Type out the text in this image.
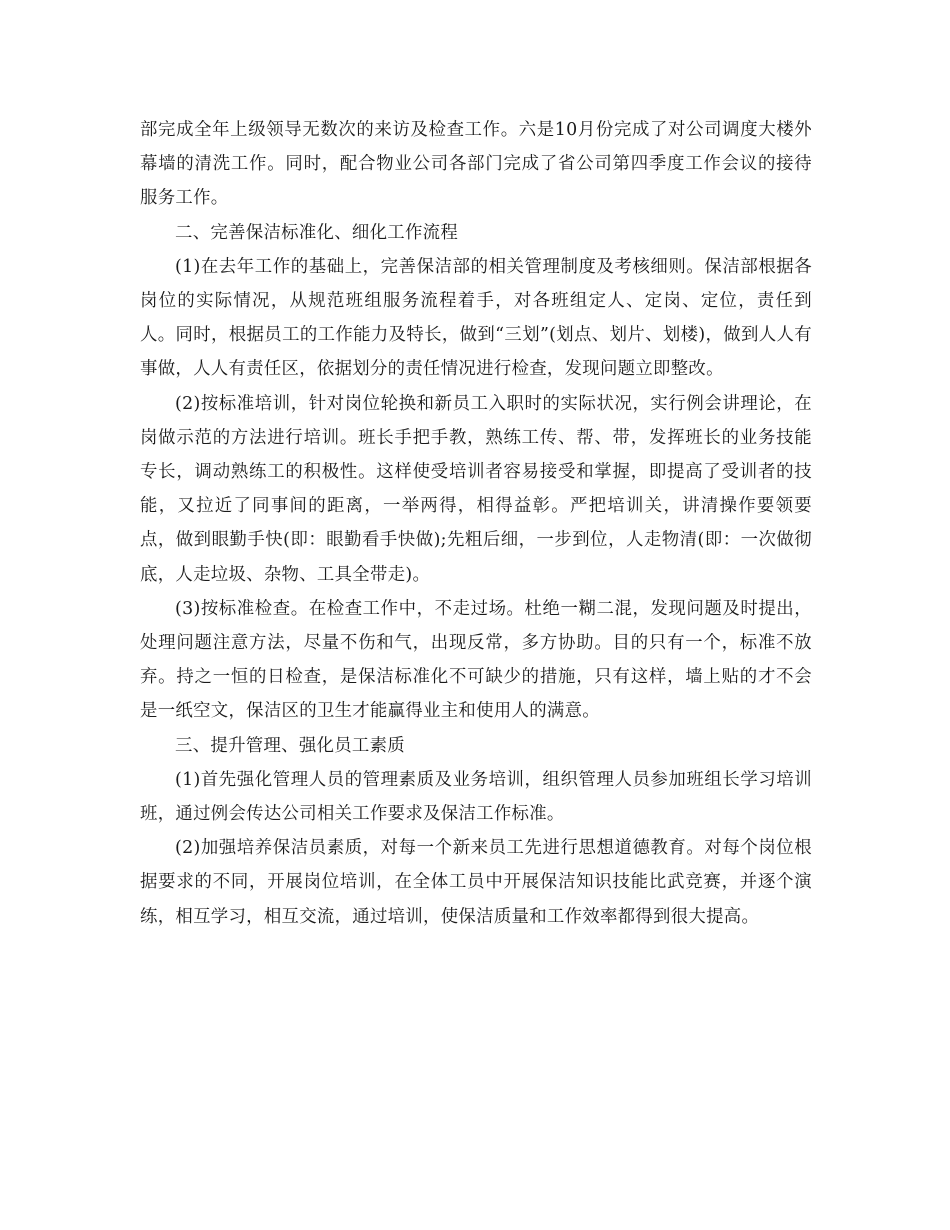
部完成全年上级领导无数次的来访及检查工作。六是10月份完成了对公司调度大楼外幕墙的清洗工作。同时，配合物业公司各部门完成了省公司第四季度工作会议的接待服务工作。

二、完善保洁标准化、细化工作流程

(1)在去年工作的基础上，完善保洁部的相关管理制度及考核细则。保洁部根据各岗位的实际情况，从规范班组服务流程着手，对各班组定人、定岗、定位，责任到人。同时，根据员工的工作能力及特长，做到“三划”(划点、划片、划楼)，做到人人有事做，人人有责任区，依据划分的责任情况进行检查，发现问题立即整改。

(2)按标准培训，针对岗位轮换和新员工入职时的实际状况，实行例会讲理论，在岗做示范的方法进行培训。班长手把手教，熟练工传、帮、带，发挥班长的业务技能专长，调动熟练工的积极性。这样使受培训者容易接受和掌握，即提高了受训者的技能，又拉近了同事间的距离，一举两得，相得益彰。严把培训关，讲清操作要领要点，做到眼勤手快(即：眼勤看手快做);先粗后细，一步到位，人走物清(即：一次做彻底，人走垃圾、杂物、工具全带走)。

(3)按标准检查。在检查工作中，不走过场。杜绝一糊二混，发现问题及时提出，处理问题注意方法，尽量不伤和气，出现反常，多方协助。目的只有一个，标准不放弃。持之一恒的日检查，是保洁标准化不可缺少的措施，只有这样，墙上贴的才不会是一纸空文，保洁区的卫生才能赢得业主和使用人的满意。

三、提升管理、强化员工素质

(1)首先强化管理人员的管理素质及业务培训，组织管理人员参加班组长学习培训班，通过例会传达公司相关工作要求及保洁工作标准。

(2)加强培养保洁员素质，对每一个新来员工先进行思想道德教育。对每个岗位根据要求的不同，开展岗位培训，在全体工员中开展保洁知识技能比武竞赛，并逐个演练，相互学习，相互交流，通过培训，使保洁质量和工作效率都得到很大提高。
